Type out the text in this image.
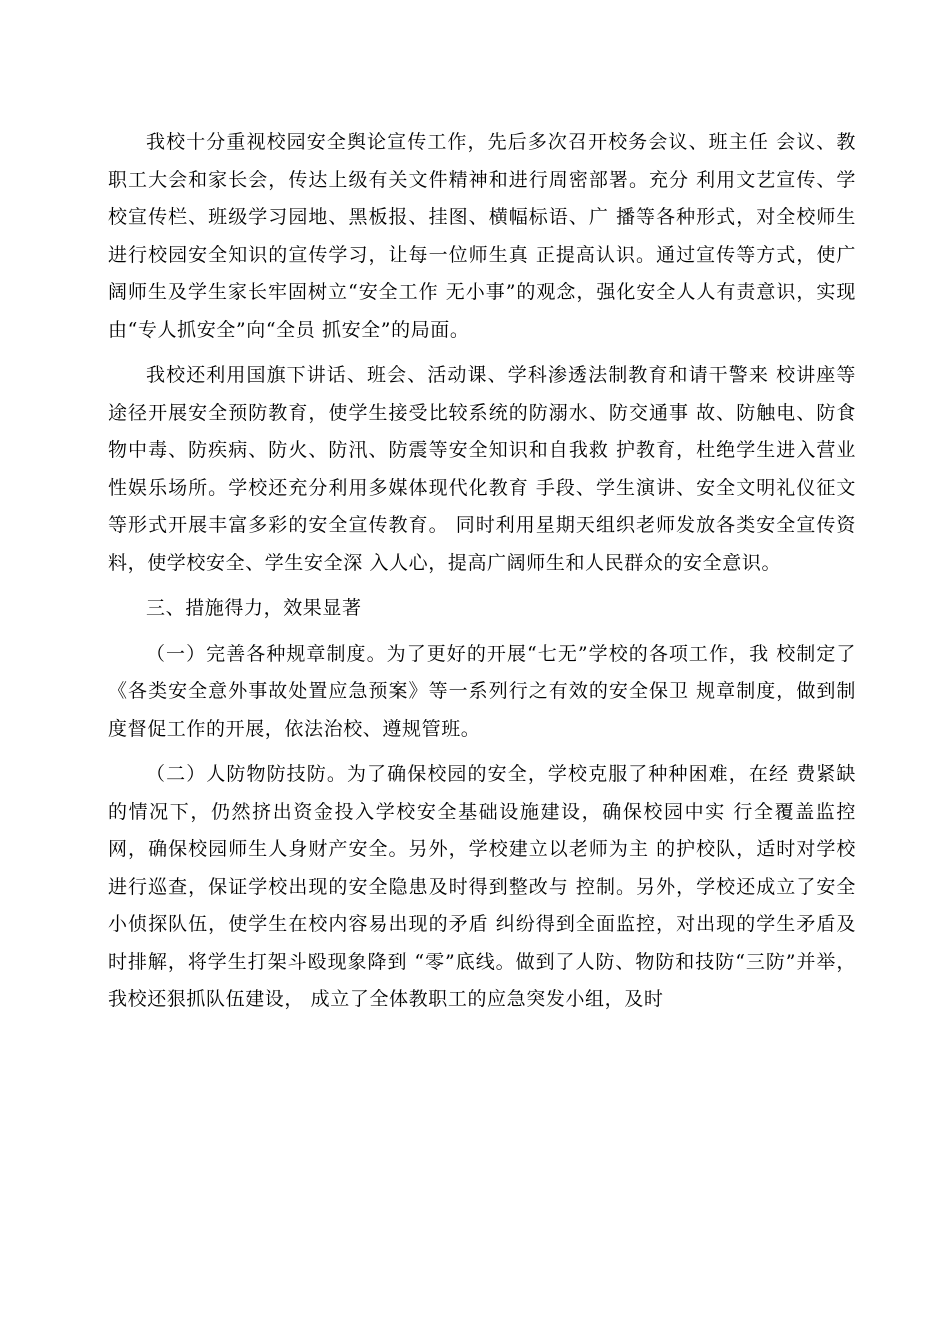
我校十分重视校园安全舆论宣传工作，先后多次召开校务会议、班主任 会议、教职工大会和家长会，传达上级有关文件精神和进行周密部署。充分 利用文艺宣传、学校宣传栏、班级学习园地、黑板报、挂图、横幅标语、广 播等各种形式，对全校师生进行校园安全知识的宣传学习，让每一位师生真 正提高认识。通过宣传等方式，使广阔师生及学生家长牢固树立“安全工作 无小事”的观念，强化安全人人有责意识，实现由“专人抓安全”向“全员 抓安全”的局面。

我校还利用国旗下讲话、班会、活动课、学科渗透法制教育和请干警来 校讲座等途径开展安全预防教育，使学生接受比较系统的防溺水、防交通事 故、防触电、防食物中毒、防疾病、防火、防汛、防震等安全知识和自我救 护教育，杜绝学生进入营业性娱乐场所。学校还充分利用多媒体现代化教育 手段、学生演讲、安全文明礼仪征文等形式开展丰富多彩的安全宣传教育。 同时利用星期天组织老师发放各类安全宣传资料，使学校安全、学生安全深 入人心，提高广阔师生和人民群众的安全意识。

三、措施得力，效果显著

（一）完善各种规章制度。为了更好的开展“七无”学校的各项工作，我 校制定了《各类安全意外事故处置应急预案》等一系列行之有效的安全保卫 规章制度，做到制度督促工作的开展，依法治校、遵规管班。

（二）人防物防技防。为了确保校园的安全，学校克服了种种困难，在经 费紧缺的情况下，仍然挤出资金投入学校安全基础设施建设，确保校园中实 行全覆盖监控网，确保校园师生人身财产安全。另外，学校建立以老师为主 的护校队，适时对学校进行巡查，保证学校出现的安全隐患及时得到整改与 控制。另外，学校还成立了安全小侦探队伍，使学生在校内容易出现的矛盾 纠纷得到全面监控，对出现的学生矛盾及时排解，将学生打架斗殴现象降到 “零”底线。做到了人防、物防和技防“三防”并举，我校还狠抓队伍建设， 成立了全体教职工的应急突发小组，及时
